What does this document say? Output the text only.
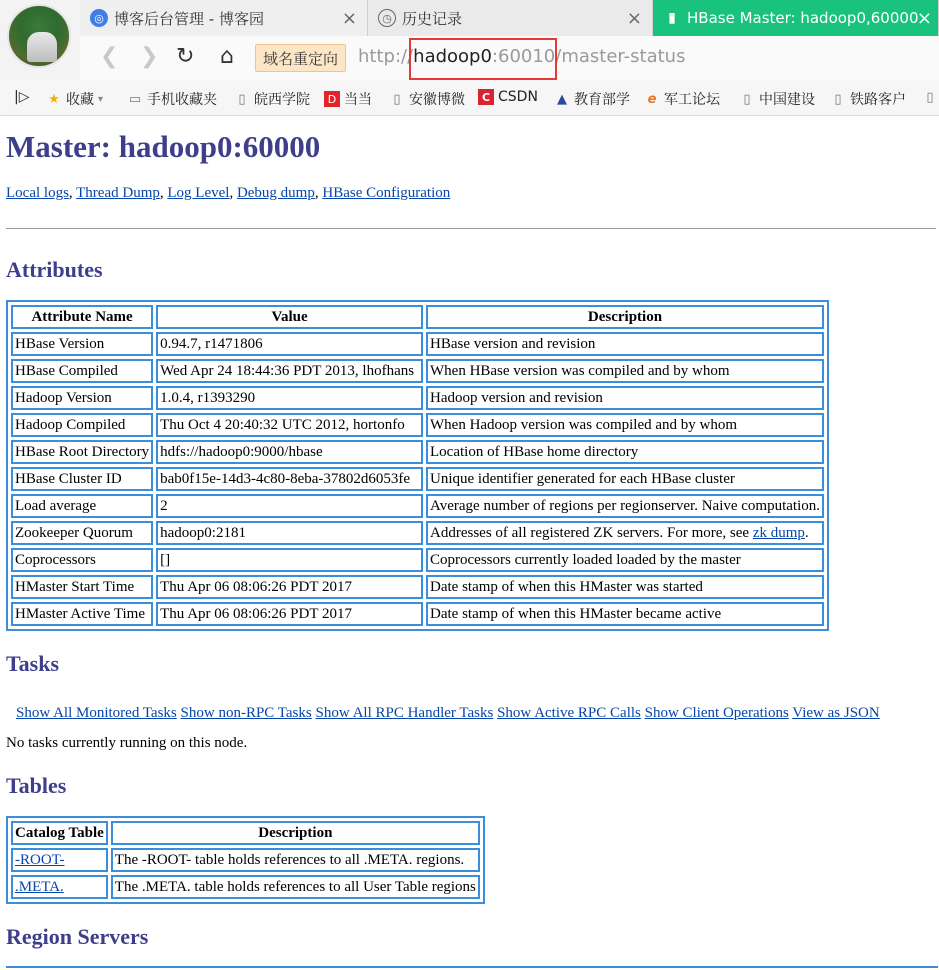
◎ 博客后台管理 - 博客园	×	◷ 历史记录	×	▮ HBase Master: hadoop0,60000
×
❮ ❯ ↻ ⌂	域名重定向	http://hadoop0:60010/master-status
|▷ ★ 收藏 ▾ ▭ 手机收藏夹	▯ 皖西学院	D 当当	▯ 安徽博微	C CSDN ▲ 教育部学 e 军工论坛	▯ 中国建设	▯ 铁路客户	▯
Master: hadoop0:60000
Local logs, Thread Dump, Log Level, Debug dump, HBase Configuration
Attributes
Attribute Name	Value	Description
HBase Version	0.94.7, r1471806	HBase version and revision
HBase Compiled	Wed Apr 24 18:44:36 PDT 2013, lhofhans	When HBase version was compiled and by whom
Hadoop Version	1.0.4, r1393290	Hadoop version and revision
Hadoop Compiled	Thu Oct 4 20:40:32 UTC 2012, hortonfo	When Hadoop version was compiled and by whom
HBase Root Directory	hdfs://hadoop0:9000/hbase	Location of HBase home directory
HBase Cluster ID	bab0f15e-14d3-4c80-8eba-37802d6053fe	Unique identifier generated for each HBase cluster
Load average	2	Average number of regions per regionserver. Naive computation.
Zookeeper Quorum	hadoop0:2181	Addresses of all registered ZK servers. For more, see zk dump.
Coprocessors	[]	Coprocessors currently loaded loaded by the master
HMaster Start Time	Thu Apr 06 08:06:26 PDT 2017	Date stamp of when this HMaster was started
HMaster Active Time	Thu Apr 06 08:06:26 PDT 2017	Date stamp of when this HMaster became active
Tasks
Show All Monitored Tasks Show non-RPC Tasks Show All RPC Handler Tasks Show Active RPC Calls Show Client Operations View as JSON
No tasks currently running on this node.
Tables
Catalog Table	Description
-ROOT-	The -ROOT- table holds references to all .META. regions.
.META.	The .META. table holds references to all User Table regions
Region Servers
